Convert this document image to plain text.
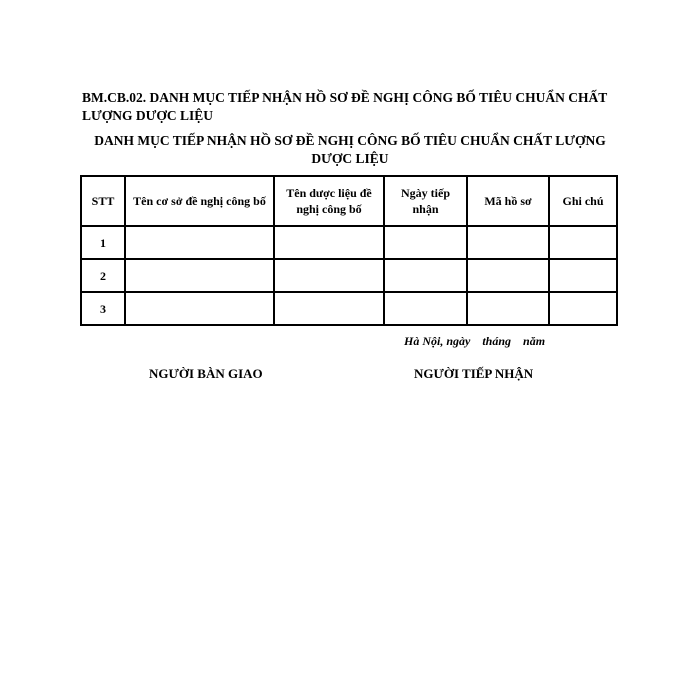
BM.CB.02. DANH MỤC TIẾP NHẬN HỒ SƠ ĐỀ NGHỊ CÔNG BỐ TIÊU CHUẨN CHẤT LƯỢNG DƯỢC LIỆU
DANH MỤC TIẾP NHẬN HỒ SƠ ĐỀ NGHỊ CÔNG BỐ TIÊU CHUẨN CHẤT LƯỢNG DƯỢC LIỆU
STT	Tên cơ sở đề nghị công bố	Tên dược liệu đề nghị công bố	Ngày tiếp nhận	Mã hồ sơ	Ghi chú
1					
2					
3					
Hà Nội, ngày    tháng    năm
NGƯỜI BÀN GIAO	NGƯỜI TIẾP NHẬN
